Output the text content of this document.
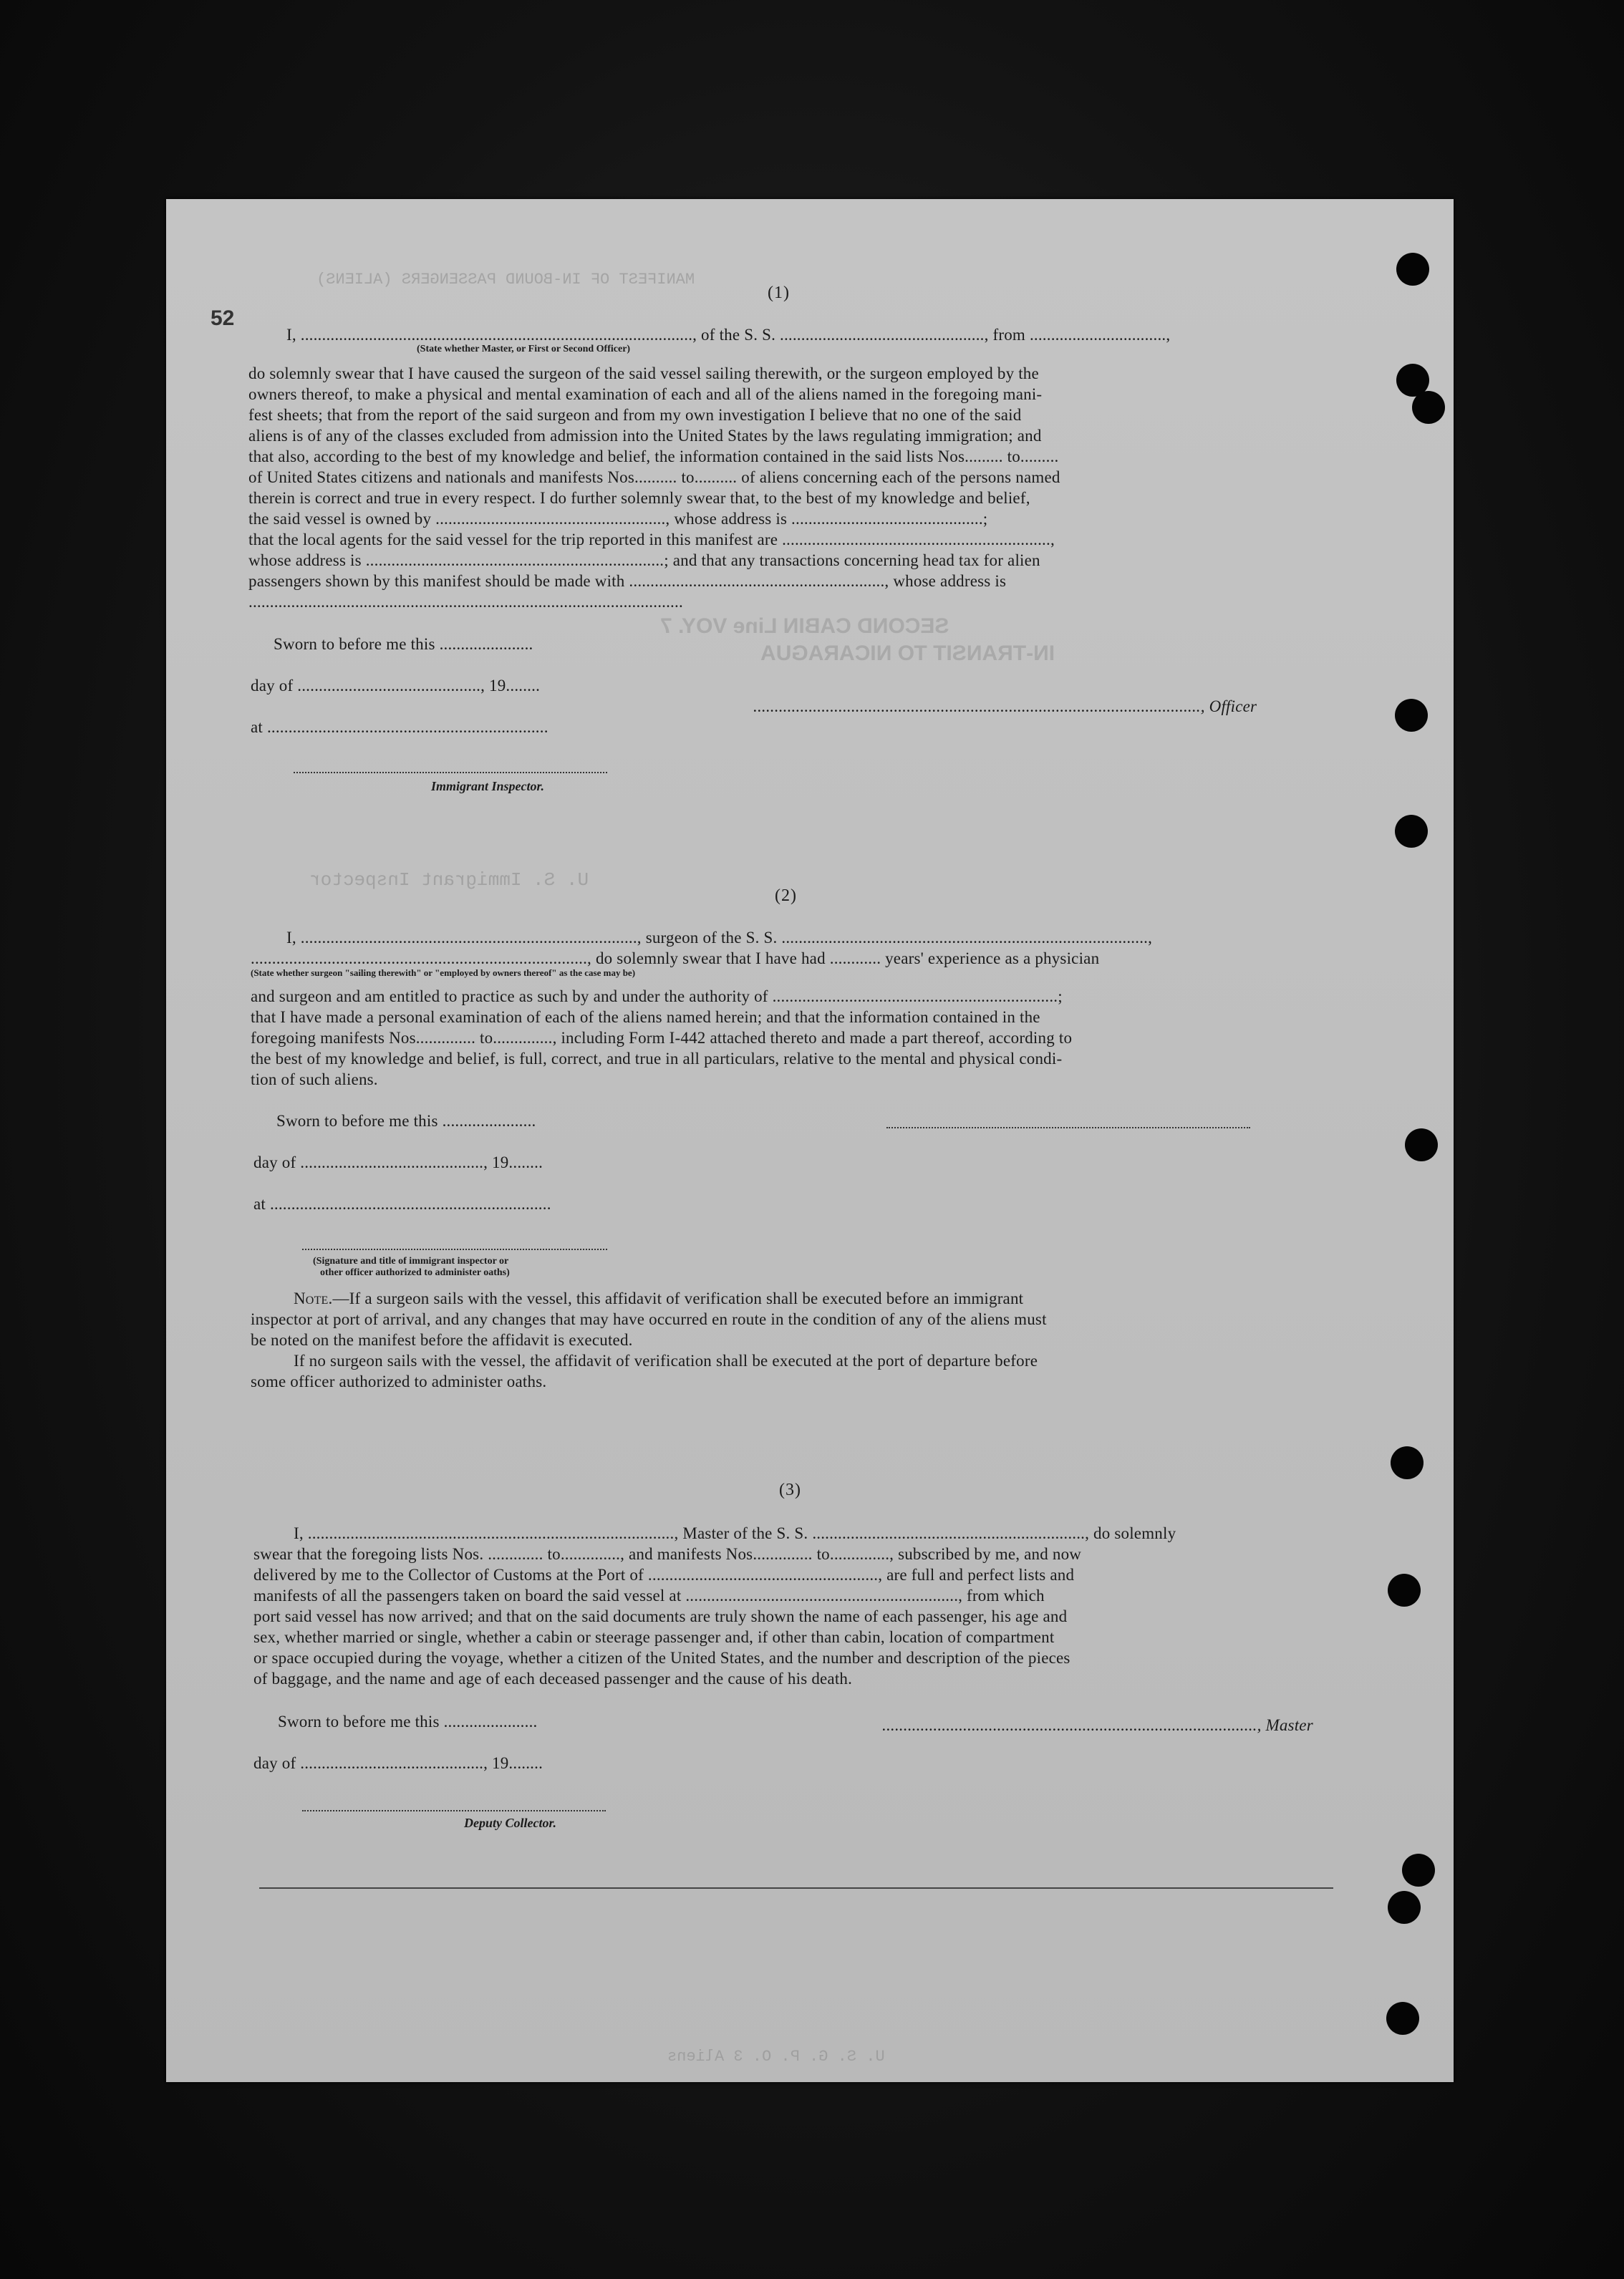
MANIFEST OF IN-BOUND PASSENGERS (ALIENS)
SECOND CABIN Line VOY. 7
IN-TRANSIT TO NICARAGUA
U. S. Immigrant Inspector
U. S. G. P. O. 3 Aliens
52
(1)
I, ............................................................................................, of the S. S. ................................................, from ................................,
(State whether Master, or First or Second Officer)
do solemnly swear that I have caused the surgeon of the said vessel sailing therewith, or the surgeon employed by the
owners thereof, to make a physical and mental examination of each and all of the aliens named in the foregoing mani-
fest sheets; that from the report of the said surgeon and from my own investigation I believe that no one of the said
aliens is of any of the classes excluded from admission into the United States by the laws regulating immigration; and
that also, according to the best of my knowledge and belief, the information contained in the said lists Nos......... to.........
of United States citizens and nationals and manifests Nos.......... to.......... of aliens concerning each of the persons named
therein is correct and true in every respect. I do further solemnly swear that, to the best of my knowledge and belief,
the said vessel is owned by ......................................................, whose address is .............................................;
that the local agents for the said vessel for the trip reported in this manifest are ...............................................................,
whose address is ......................................................................; and that any transactions concerning head tax for alien
passengers shown by this manifest should be made with ............................................................, whose address is
......................................................................................................
Sworn to before me this ......................
day of ..........................................., 19........
at ..................................................................
........................................................................................................., Officer
Immigrant Inspector.
(2)
I, ..............................................................................., surgeon of the S. S. ......................................................................................,
..............................................................................., do solemnly swear that I have had ............ years' experience as a physician
(State whether surgeon "sailing therewith" or "employed by owners thereof" as the case may be)
and surgeon and am entitled to practice as such by and under the authority of ...................................................................;
that I have made a personal examination of each of the aliens named herein; and that the information contained in the
foregoing manifests Nos.............. to.............., including Form I-442 attached thereto and made a part thereof, according to
the best of my knowledge and belief, is full, correct, and true in all particulars, relative to the mental and physical condi-
tion of such aliens.
Sworn to before me this ......................
day of ..........................................., 19........
at ..................................................................
(Signature and title of immigrant inspector or
other officer authorized to administer oaths)
Note.—If a surgeon sails with the vessel, this affidavit of verification shall be executed before an immigrant
inspector at port of arrival, and any changes that may have occurred en route in the condition of any of the aliens must
be noted on the manifest before the affidavit is executed.
If no surgeon sails with the vessel, the affidavit of verification shall be executed at the port of departure before
some officer authorized to administer oaths.
(3)
I, ......................................................................................, Master of the S. S. ................................................................, do solemnly
swear that the foregoing lists Nos. ............. to.............., and manifests Nos.............. to.............., subscribed by me, and now
delivered by me to the Collector of Customs at the Port of ......................................................, are full and perfect lists and
manifests of all the passengers taken on board the said vessel at ................................................................, from which
port said vessel has now arrived; and that on the said documents are truly shown the name of each passenger, his age and
sex, whether married or single, whether a cabin or steerage passenger and, if other than cabin, location of compartment
or space occupied during the voyage, whether a citizen of the United States, and the number and description of the pieces
of baggage, and the name and age of each deceased passenger and the cause of his death.
Sworn to before me this ......................	........................................................................................, Master
day of ..........................................., 19........
Deputy Collector.
